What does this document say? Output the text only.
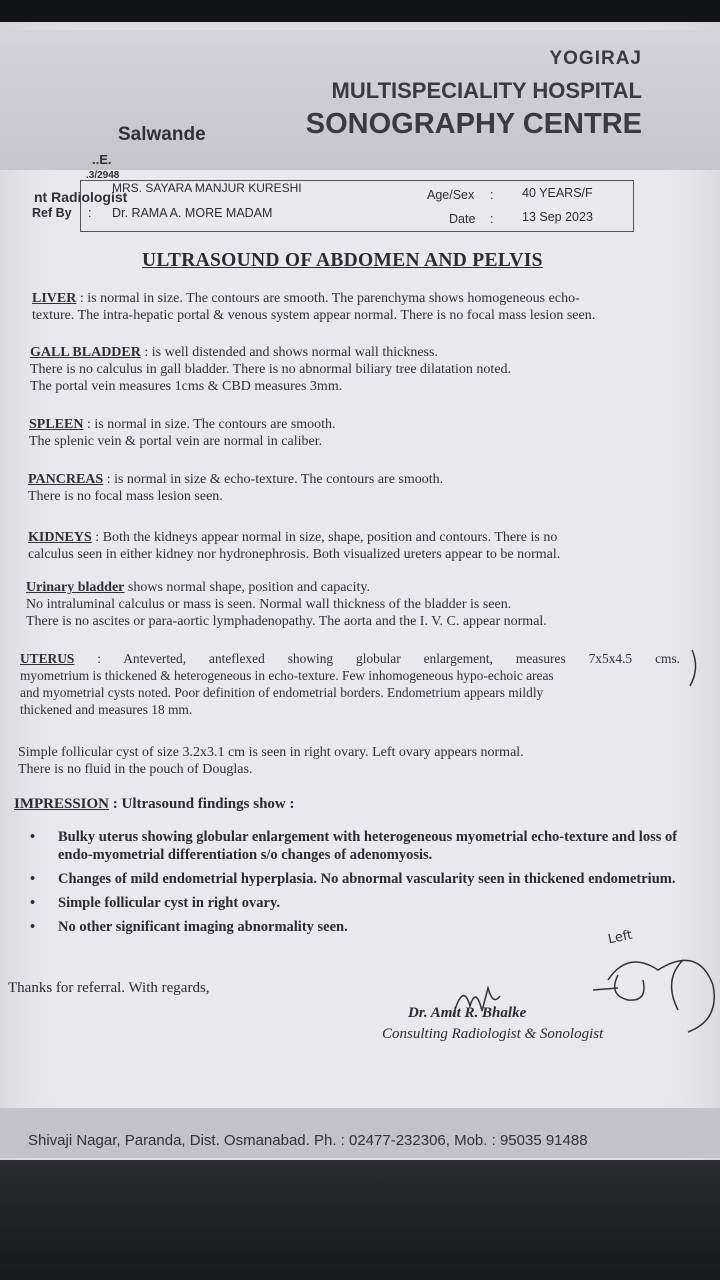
YOGIRAJ
MULTISPECIALITY HOSPITAL
SONOGRAPHY CENTRE
Salwande
..E.
.3/2948
nt Radiologist
MRS. SAYARA MANJUR KURESHI
Ref By : Dr. RAMA A. MORE MADAM
Age/Sex : 40 YEARS/F
Date : 13 Sep 2023
ULTRASOUND OF ABDOMEN AND PELVIS
LIVER : is normal in size. The contours are smooth. The parenchyma shows homogeneous echo-
texture. The intra-hepatic portal & venous system appear normal. There is no focal mass lesion seen.
GALL BLADDER : is well distended and shows normal wall thickness.
There is no calculus in gall bladder. There is no abnormal biliary tree dilatation noted.
The portal vein measures 1cms & CBD measures 3mm.
SPLEEN : is normal in size. The contours are smooth.
The splenic vein & portal vein are normal in caliber.
PANCREAS : is normal in size & echo-texture. The contours are smooth.
There is no focal mass lesion seen.
KIDNEYS : Both the kidneys appear normal in size, shape, position and contours. There is no
calculus seen in either kidney nor hydronephrosis. Both visualized ureters appear to be normal.
Urinary bladder shows normal shape, position and capacity.
No intraluminal calculus or mass is seen. Normal wall thickness of the bladder is seen.
There is no ascites or para-aortic lymphadenopathy. The aorta and the I. V. C. appear normal.
UTERUS : Anteverted, anteflexed showing globular enlargement, measures 7x5x4.5 cms.
myometrium is thickened & heterogeneous in echo-texture. Few inhomogeneous hypo-echoic areas
and myometrial cysts noted. Poor definition of endometrial borders. Endometrium appears mildly
thickened and measures 18 mm.
Simple follicular cyst of size 3.2x3.1 cm is seen in right ovary. Left ovary appears normal.
There is no fluid in the pouch of Douglas.
IMPRESSION : Ultrasound findings show :
• Bulky uterus showing globular enlargement with heterogeneous myometrial echo-texture and loss of endo-myometrial differentiation s/o changes of adenomyosis.
• Changes of mild endometrial hyperplasia. No abnormal vascularity seen in thickened endometrium.
• Simple follicular cyst in right ovary.
• No other significant imaging abnormality seen.
Left
Thanks for referral. With regards,
Dr. Amit R. Bhalke
Consulting Radiologist & Sonologist
Shivaji Nagar, Paranda, Dist. Osmanabad. Ph. : 02477-232306, Mob. : 95035 91488
